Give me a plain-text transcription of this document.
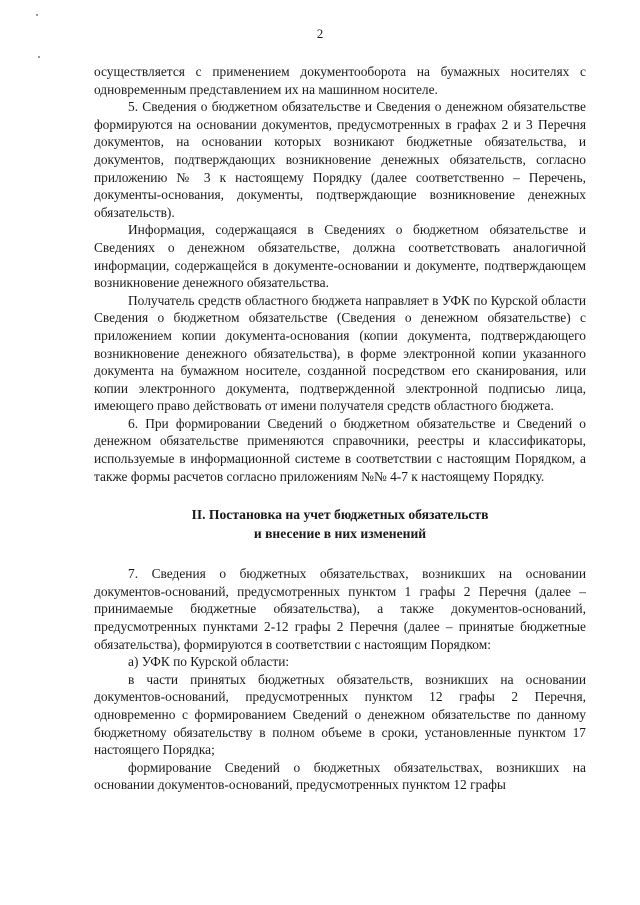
2

осуществляется с применением документооборота на бумажных носителях с одновременным представлением их на машинном носителе.

5. Сведения о бюджетном обязательстве и Сведения о денежном обязательстве формируются на основании документов, предусмотренных в графах 2 и 3 Перечня документов, на основании которых возникают бюджетные обязательства, и документов, подтверждающих возникновение денежных обязательств, согласно приложению № 3 к настоящему Порядку (далее соответственно – Перечень, документы-основания, документы, подтверждающие возникновение денежных обязательств).

Информация, содержащаяся в Сведениях о бюджетном обязательстве и Сведениях о денежном обязательстве, должна соответствовать аналогичной информации, содержащейся в документе-основании и документе, подтверждающем возникновение денежного обязательства.

Получатель средств областного бюджета направляет в УФК по Курской области Сведения о бюджетном обязательстве (Сведения о денежном обязательстве) с приложением копии документа-основания (копии документа, подтверждающего возникновение денежного обязательства), в форме электронной копии указанного документа на бумажном носителе, созданной посредством его сканирования, или копии электронного документа, подтвержденной электронной подписью лица, имеющего право действовать от имени получателя средств областного бюджета.

6. При формировании Сведений о бюджетном обязательстве и Сведений о денежном обязательстве применяются справочники, реестры и классификаторы, используемые в информационной системе в соответствии с настоящим Порядком, а также формы расчетов согласно приложениям №№ 4-7 к настоящему Порядку.

II. Постановка на учет бюджетных обязательств
и внесение в них изменений

7. Сведения о бюджетных обязательствах, возникших на основании документов-оснований, предусмотренных пунктом 1 графы 2 Перечня (далее – принимаемые бюджетные обязательства), а также документов-оснований, предусмотренных пунктами 2-12 графы 2 Перечня (далее – принятые бюджетные обязательства), формируются в соответствии с настоящим Порядком:

а) УФК по Курской области:

в части принятых бюджетных обязательств, возникших на основании документов-оснований, предусмотренных пунктом 12 графы 2 Перечня, одновременно с формированием Сведений о денежном обязательстве по данному бюджетному обязательству в полном объеме в сроки, установленные пунктом 17 настоящего Порядка;

формирование Сведений о бюджетных обязательствах, возникших на основании документов-оснований, предусмотренных пунктом 12 графы
